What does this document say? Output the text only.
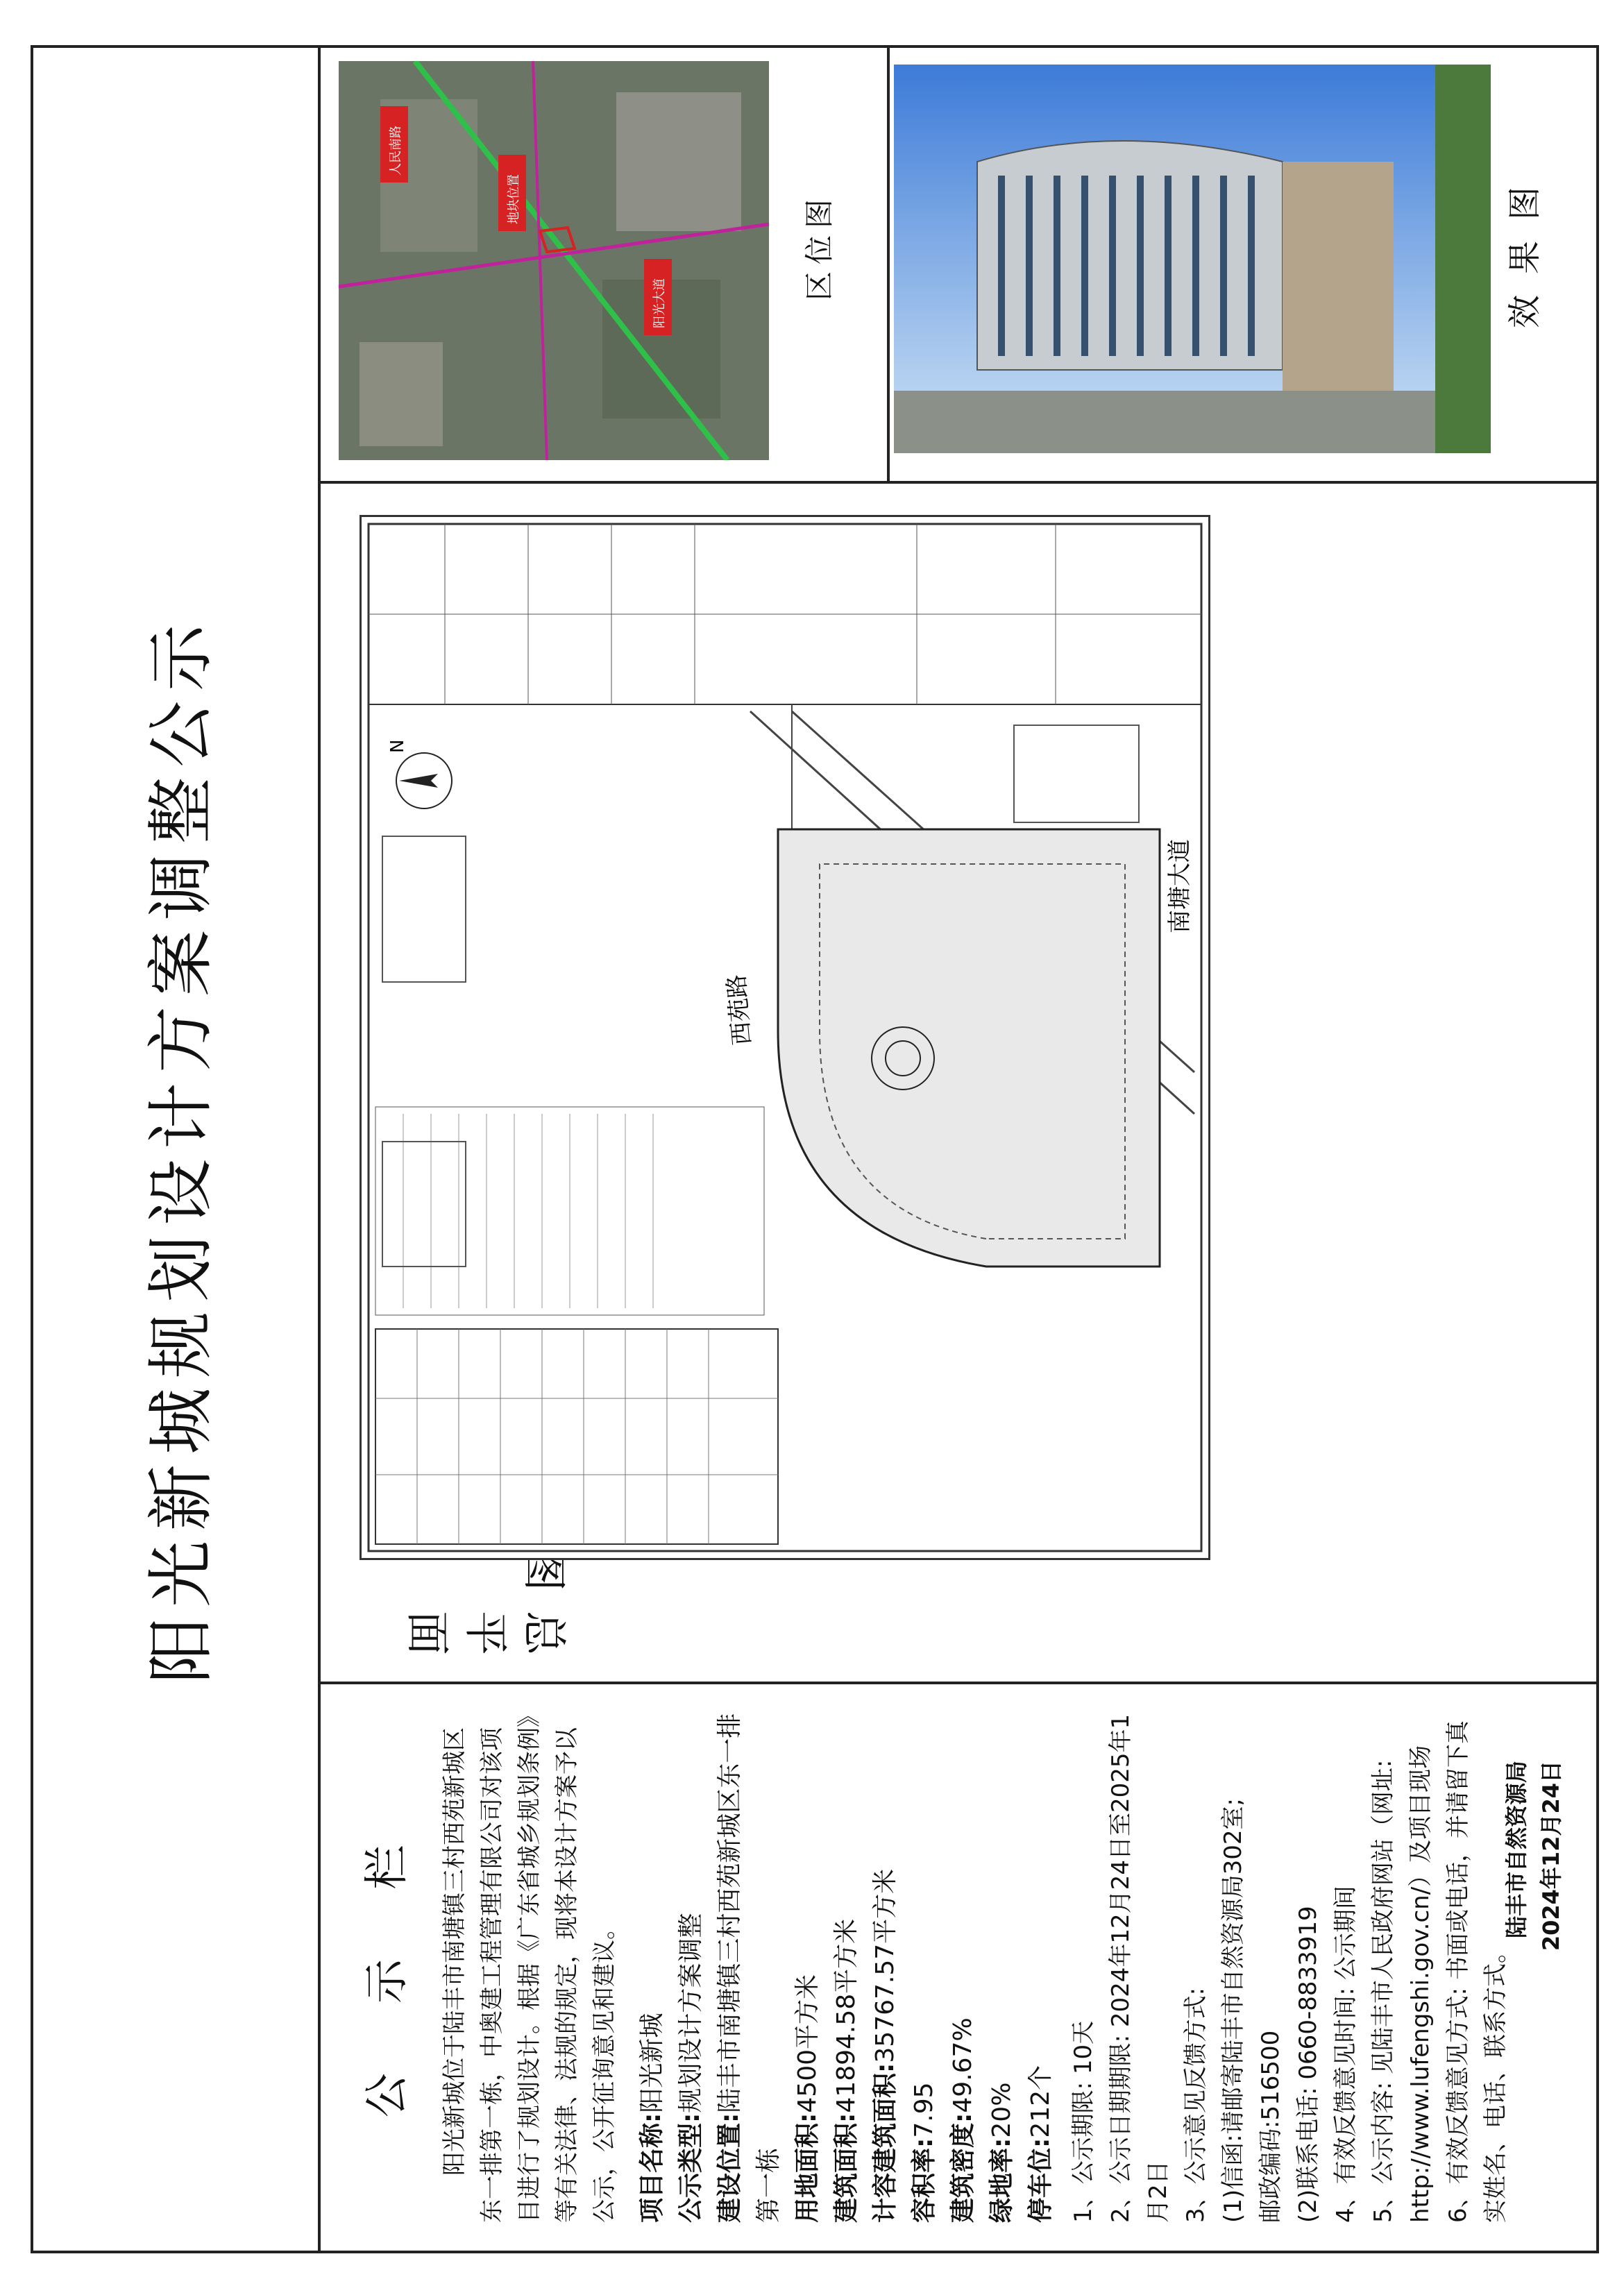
阳光新城规划设计方案调整公示
公 示 栏 阳光新城位于陆丰市南塘镇三村西苑新城区东一排第一栋，中奥建工程管理有限公司对该项目进行了规划设计。根据《广东省城乡规划条例》等有关法律、法规的规定，现将本设计方案予以公示，公开征询意见和建议。 项目名称:阳光新城
公示类型:规划设计方案调整
建设位置:陆丰市南塘镇三村西苑新城区东一排第一栋 用地面积:4500平方米
建筑面积:41894.58平方米
计容建筑面积:35767.57平方米
容积率:7.95
建筑密度:49.67%
绿地率:20%
停车位:212个 1、公示期限: 10天 2、公示日期期限: 2024年12月24日至2025年1月2日 3、公示意见反馈方式: (1)信函:请邮寄陆丰市自然资源局302室; 邮政编码:516500 (2)联系电话: 0660-8833919 4、有效反馈意见时间: 公示期间 5、公示内容: 见陆丰市人民政府网站（网址: http://www.lufengshi.gov.cn/）及项目现场 6、有效反馈意见方式: 书面或电话，并请留下真实姓名、电话、联系方式。

陆丰市自然资源局 2024年12月24日
总平面图
N
西苑路
南塘大道
阳光大道
地块位置
人民南路
区位图	效果图
